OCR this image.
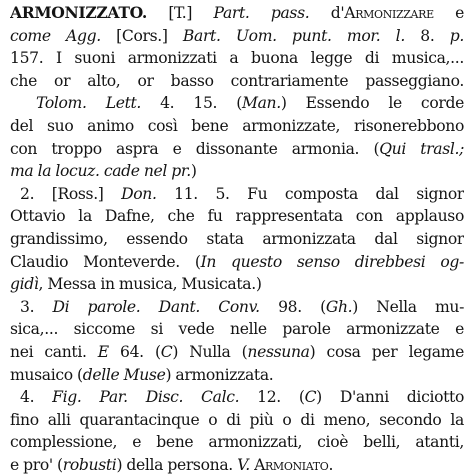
ARMONIZZATO. [T.] Part. pass. d'Armonizzare e
come Agg. [Cors.] Bart. Uom. punt. mor. l. 8. p.
157. I suoni armonizzati a buona legge di musica,...
che or alto, or basso contrariamente passeggiano.
Tolom. Lett. 4. 15. (Man.) Essendo le corde
del suo animo così bene armonizzate, risonerebbono
con troppo aspra e dissonante armonia. (Qui trasl.;
ma la locuz. cade nel pr.)
2. [Ross.] Don. 11. 5. Fu composta dal signor
Ottavio la Dafne, che fu rappresentata con applauso
grandissimo, essendo stata armonizzata dal signor
Claudio Monteverde. (In questo senso direbbesi og-
gidì, Messa in musica, Musicata.)
3. Di parole. Dant. Conv. 98. (Gh.) Nella mu-
sica,... siccome si vede nelle parole armonizzate e
nei canti. E 64. (C) Nulla (nessuna) cosa per legame
musaico (delle Muse) armonizzata.
4. Fig. Par. Disc. Calc. 12. (C) D'anni diciotto
fino alli quarantacinque o di più o di meno, secondo la
complessione, e bene armonizzati, cioè belli, atanti,
e pro' (robusti) della persona. V. Armoniato.
